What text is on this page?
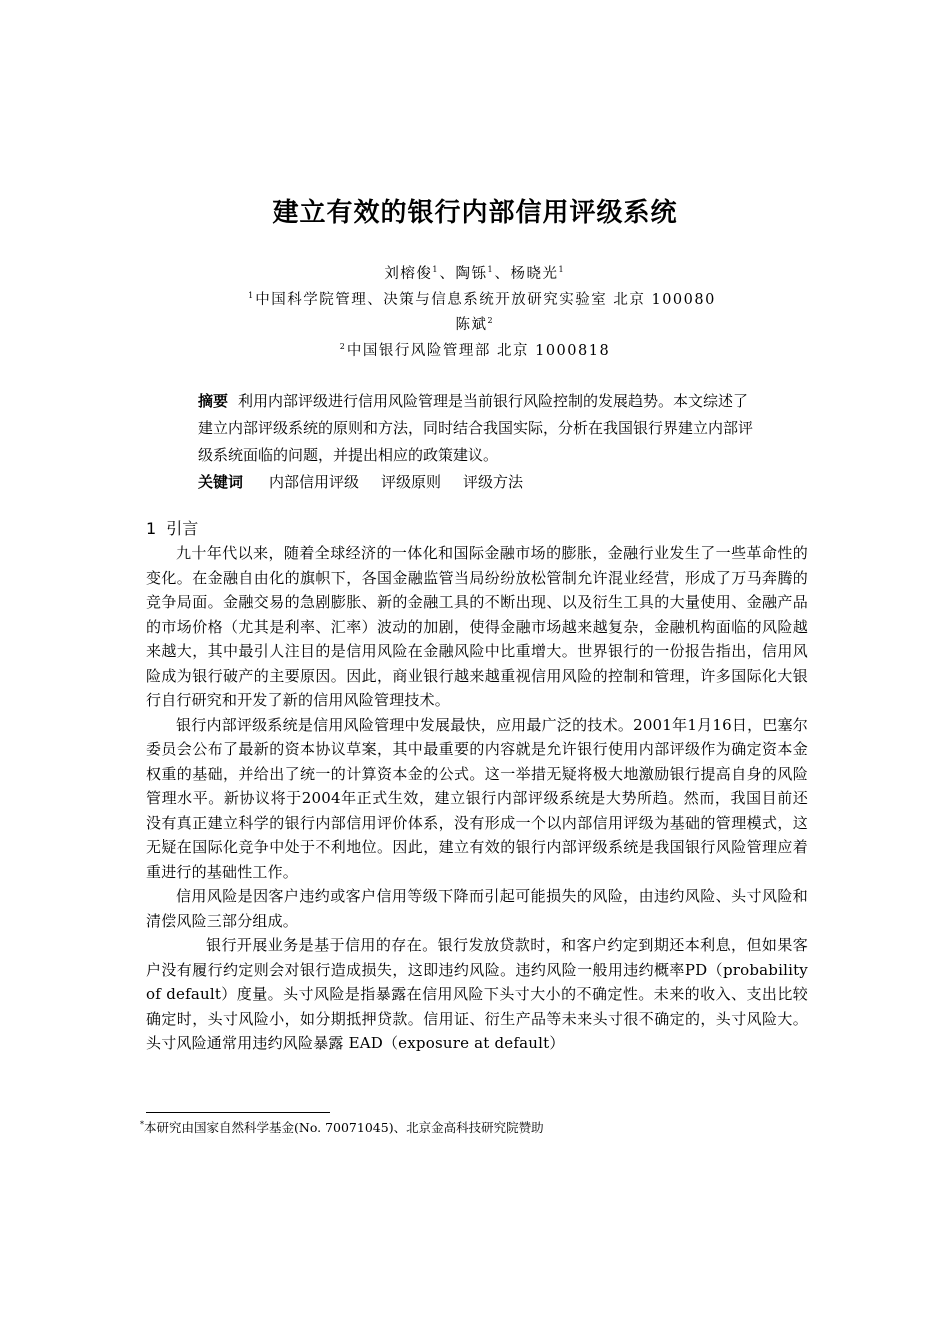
建立有效的银行内部信用评级系统
刘榕俊$^1$ 、陶铄$^1$ 、杨晓光$^1$
$^1$ 中国科学院管理、决策与信息系统开放研究实验室 北京 100080
陈斌$^2$
$^2$ 中国银行风险管理部 北京 1000818
摘要 利用内部评级进行信用风险管理是当前银行风险控制的发展趋势。本文综述了建立内部评级系统的原则和方法，同时结合我国实际，分析在我国银行界建立内部评级系统面临的问题，并提出相应的政策建议。
关键词 内部信用评级 评级原则 评级方法
1 引言

九十年代以来，随着全球经济的一体化和国际金融市场的膨胀，金融行业发生了一些革命性的变化。在金融自由化的旗帜下，各国金融监管当局纷纷放松管制允许混业经营，形成了万马奔腾的竞争局面。金融交易的急剧膨胀、新的金融工具的不断出现、以及衍生工具的大量使用、金融产品的市场价格（尤其是利率、汇率）波动的加剧，使得金融市场越来越复杂，金融机构面临的风险越来越大，其中最引人注目的是信用风险在金融风险中比重增大。世界银行的一份报告指出，信用风险成为银行破产的主要原因。因此，商业银行越来越重视信用风险的控制和管理，许多国际化大银行自行研究和开发了新的信用风险管理技术。

银行内部评级系统是信用风险管理中发展最快，应用最广泛的技术。2001年1月16日，巴塞尔委员会公布了最新的资本协议草案，其中最重要的内容就是允许银行使用内部评级作为确定资本金权重的基础，并给出了统一的计算资本金的公式。这一举措无疑将极大地激励银行提高自身的风险管理水平。新协议将于2004年正式生效，建立银行内部评级系统是大势所趋。然而，我国目前还没有真正建立科学的银行内部信用评价体系，没有形成一个以内部信用评级为基础的管理模式，这无疑在国际化竞争中处于不利地位。因此，建立有效的银行内部评级系统是我国银行风险管理应着重进行的基础性工作。

信用风险是因客户违约或客户信用等级下降而引起可能损失的风险，由违约风险、头寸风险和清偿风险三部分组成。

银行开展业务是基于信用的存在。银行发放贷款时，和客户约定到期还本利息，但如果客户没有履行约定则会对银行造成损失，这即违约风险。违约风险一般用违约概率PD（probability of default）度量。头寸风险是指暴露在信用风险下头寸大小的不确定性。未来的收入、支出比较确定时，头寸风险小，如分期抵押贷款。信用证、衍生产品等未来头寸很不确定的，头寸风险大。头寸风险通常用违约风险暴露 EAD（exposure at default）

*本研究由国家自然科学基金(No. 70071045)、北京金高科技研究院赞助
